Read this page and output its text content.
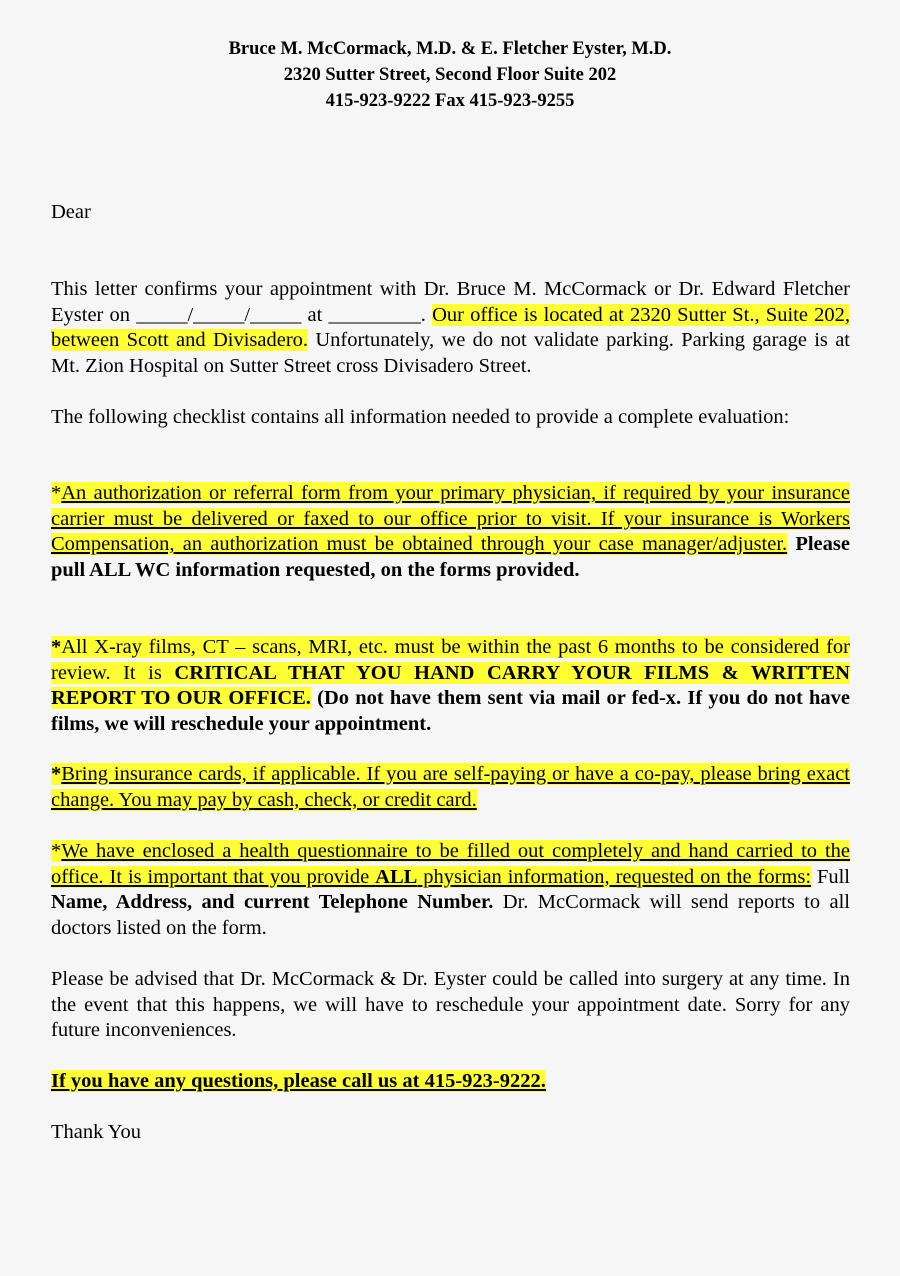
Bruce M. McCormack, M.D. & E. Fletcher Eyster, M.D.
2320 Sutter Street, Second Floor Suite 202
415-923-9222 Fax 415-923-9255

Dear

This letter confirms your appointment with Dr. Bruce M. McCormack or Dr. Edward Fletcher Eyster on _____/_____/_____ at _________. Our office is located at 2320 Sutter St., Suite 202, between Scott and Divisadero. Unfortunately, we do not validate parking. Parking garage is at Mt. Zion Hospital on Sutter Street cross Divisadero Street.

The following checklist contains all information needed to provide a complete evaluation:

*An authorization or referral form from your primary physician, if required by your insurance carrier must be delivered or faxed to our office prior to visit. If your insurance is Workers Compensation, an authorization must be obtained through your case manager/adjuster. Please pull ALL WC information requested, on the forms provided.

*All X-ray films, CT – scans, MRI, etc. must be within the past 6 months to be considered for review. It is CRITICAL THAT YOU HAND CARRY YOUR FILMS & WRITTEN REPORT TO OUR OFFICE. (Do not have them sent via mail or fed-x. If you do not have films, we will reschedule your appointment.

*Bring insurance cards, if applicable. If you are self-paying or have a co-pay, please bring exact change. You may pay by cash, check, or credit card.

*We have enclosed a health questionnaire to be filled out completely and hand carried to the office. It is important that you provide ALL physician information, requested on the forms: Full Name, Address, and current Telephone Number. Dr. McCormack will send reports to all doctors listed on the form.

Please be advised that Dr. McCormack & Dr. Eyster could be called into surgery at any time. In the event that this happens, we will have to reschedule your appointment date. Sorry for any future inconveniences.

If you have any questions, please call us at 415-923-9222.

Thank You
